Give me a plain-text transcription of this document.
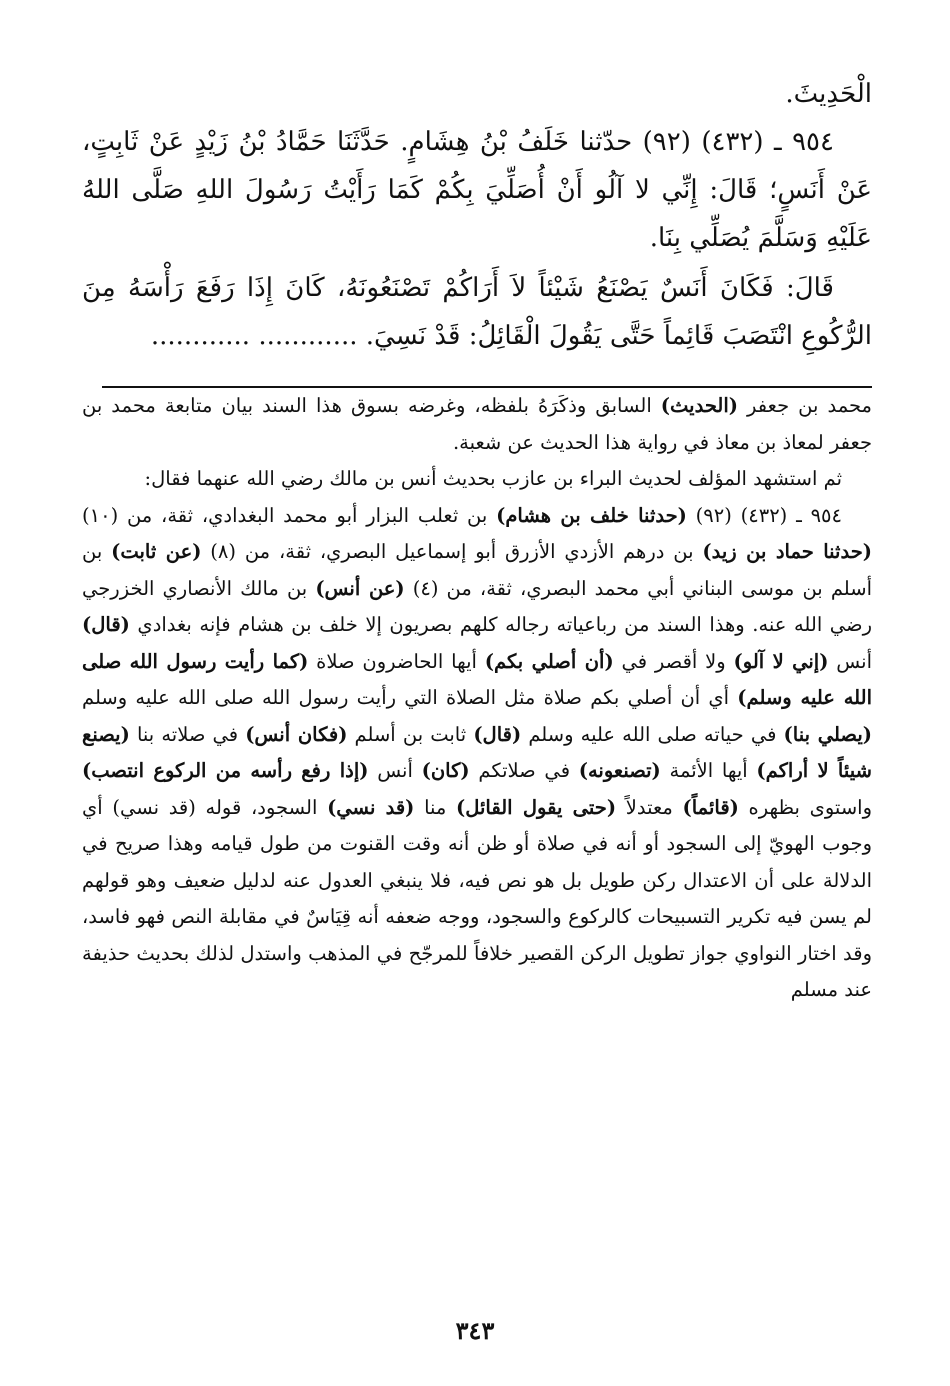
الْحَدِيثَ.

٩٥٤ ـ (٤٣٢) (٩٢) حدّثنا خَلَفُ بْنُ هِشَامٍ. حَدَّثَنَا حَمَّادُ بْنُ زَيْدٍ عَنْ ثَابِتٍ، عَنْ أَنَسٍ؛ قَالَ: إِنِّي لا آلُو أَنْ أُصَلِّيَ بِكُمْ كَمَا رَأَيْتُ رَسُولَ اللهِ صَلَّى اللهُ عَلَيْهِ وَسَلَّمَ يُصَلِّي بِنَا.

قَالَ: فَكَانَ أَنَسٌ يَصْنَعُ شَيْئاً لاَ أَرَاكُمْ تَصْنَعُونَهُ، كَانَ إِذَا رَفَعَ رَأْسَهُ مِنَ الرُّكُوعِ انْتَصَبَ قَائِماً حَتَّى يَقُولَ الْقَائِلُ: قَدْ نَسِيَ. ............ ............

محمد بن جعفر (الحديث) السابق وذكَرَهُ بلفظه، وغرضه بسوق هذا السند بيان متابعة محمد بن جعفر لمعاذ بن معاذ في رواية هذا الحديث عن شعبة.

ثم استشهد المؤلف لحديث البراء بن عازب بحديث أنس بن مالك رضي الله عنهما فقال:

٩٥٤ ـ (٤٣٢) (٩٢) (حدثنا خلف بن هشام) بن ثعلب البزار أبو محمد البغدادي، ثقة، من (١٠) (حدثنا حماد بن زيد) بن درهم الأزدي الأزرق أبو إسماعيل البصري، ثقة، من (٨) (عن ثابت) بن أسلم بن موسى البناني أبي محمد البصري، ثقة، من (٤) (عن أنس) بن مالك الأنصاري الخزرجي رضي الله عنه. وهذا السند من رباعياته رجاله كلهم بصريون إلا خلف بن هشام فإنه بغدادي (قال) أنس (إني لا آلو) ولا أقصر في (أن أصلي بكم) أيها الحاضرون صلاة (كما رأيت رسول الله صلى الله عليه وسلم) أي أن أصلي بكم صلاة مثل الصلاة التي رأيت رسول الله صلى الله عليه وسلم (يصلي بنا) في حياته صلى الله عليه وسلم (قال) ثابت بن أسلم (فكان أنس) في صلاته بنا (يصنع شيئاً لا أراكم) أيها الأئمة (تصنعونه) في صلاتكم (كان) أنس (إذا رفع رأسه من الركوع انتصب) واستوى بظهره (قائماً) معتدلاً (حتى يقول القائل) منا (قد نسي) السجود، قوله (قد نسي) أي وجوب الهويّ إلى السجود أو أنه في صلاة أو ظن أنه وقت القنوت من طول قيامه وهذا صريح في الدلالة على أن الاعتدال ركن طويل بل هو نص فيه، فلا ينبغي العدول عنه لدليل ضعيف وهو قولهم لم يسن فيه تكرير التسبيحات كالركوع والسجود، ووجه ضعفه أنه قِيَاسٌ في مقابلة النص فهو فاسد، وقد اختار النواوي جواز تطويل الركن القصير خلافاً للمرجّح في المذهب واستدل لذلك بحديث حذيفة عند مسلم

٣٤٣
